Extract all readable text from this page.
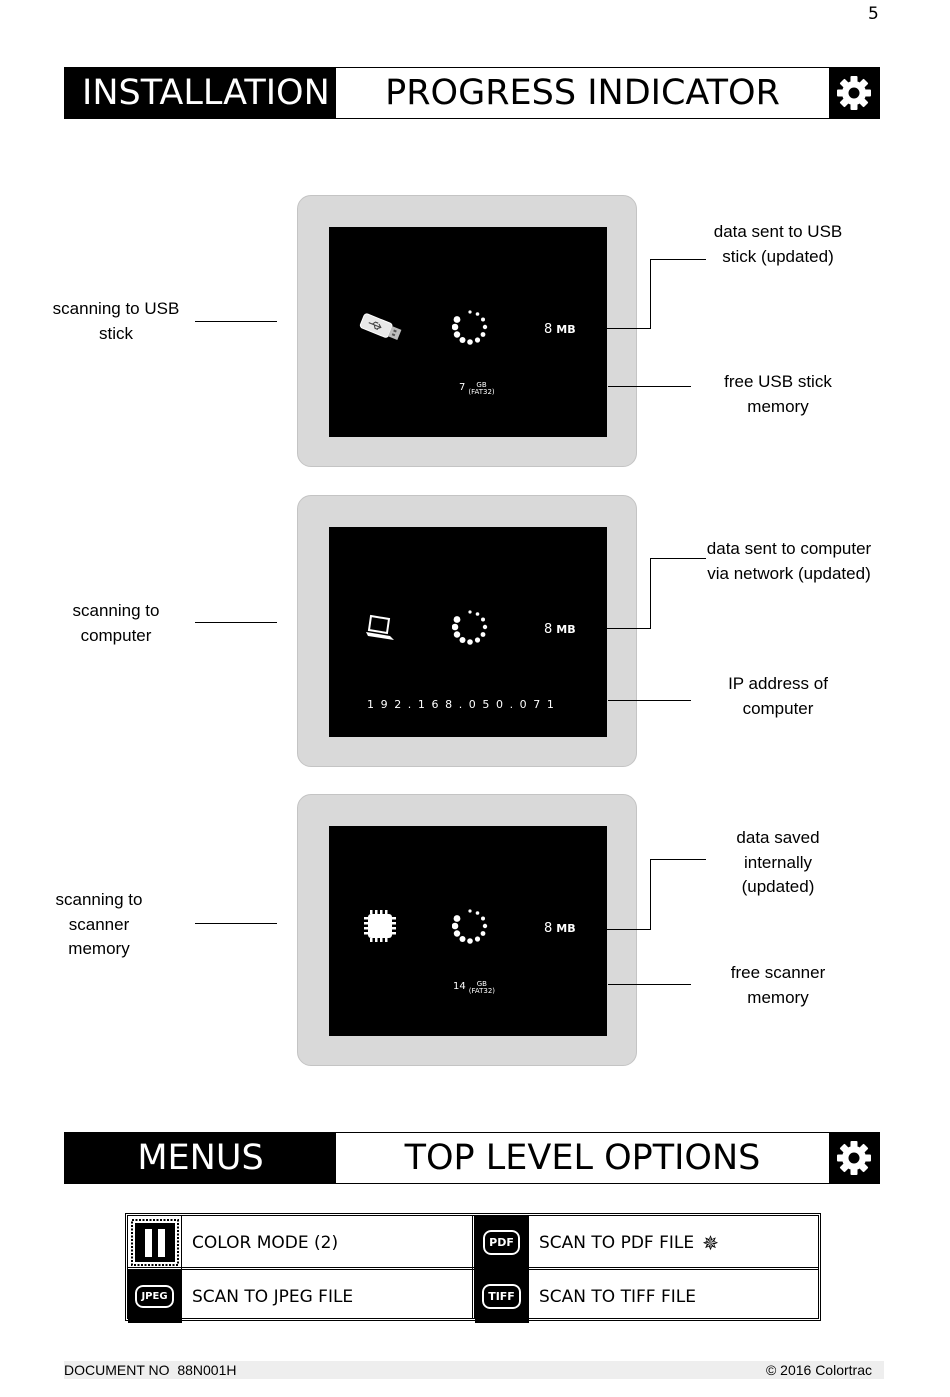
5
INSTALLATION	PROGRESS INDICATOR
8 MB
7 GB
(FAT32)
8 MB
192.168.050.071
8 MB
14 GB
(FAT32)
scanning to USB stick
scanning to computer
scanning to scanner memory
data sent to USB stick (updated)
free USB stick memory
data sent to computer via network (updated)
IP address of computer
data saved internally (updated)
free scanner memory
MENUS	TOP LEVEL OPTIONS
COLOR MODE (2)	PDF	SCAN TO PDF FILE ✵
JPEG	SCAN TO JPEG FILE	TIFF	SCAN TO TIFF FILE
DOCUMENT NO 88N001H	© 2016 Colortrac
